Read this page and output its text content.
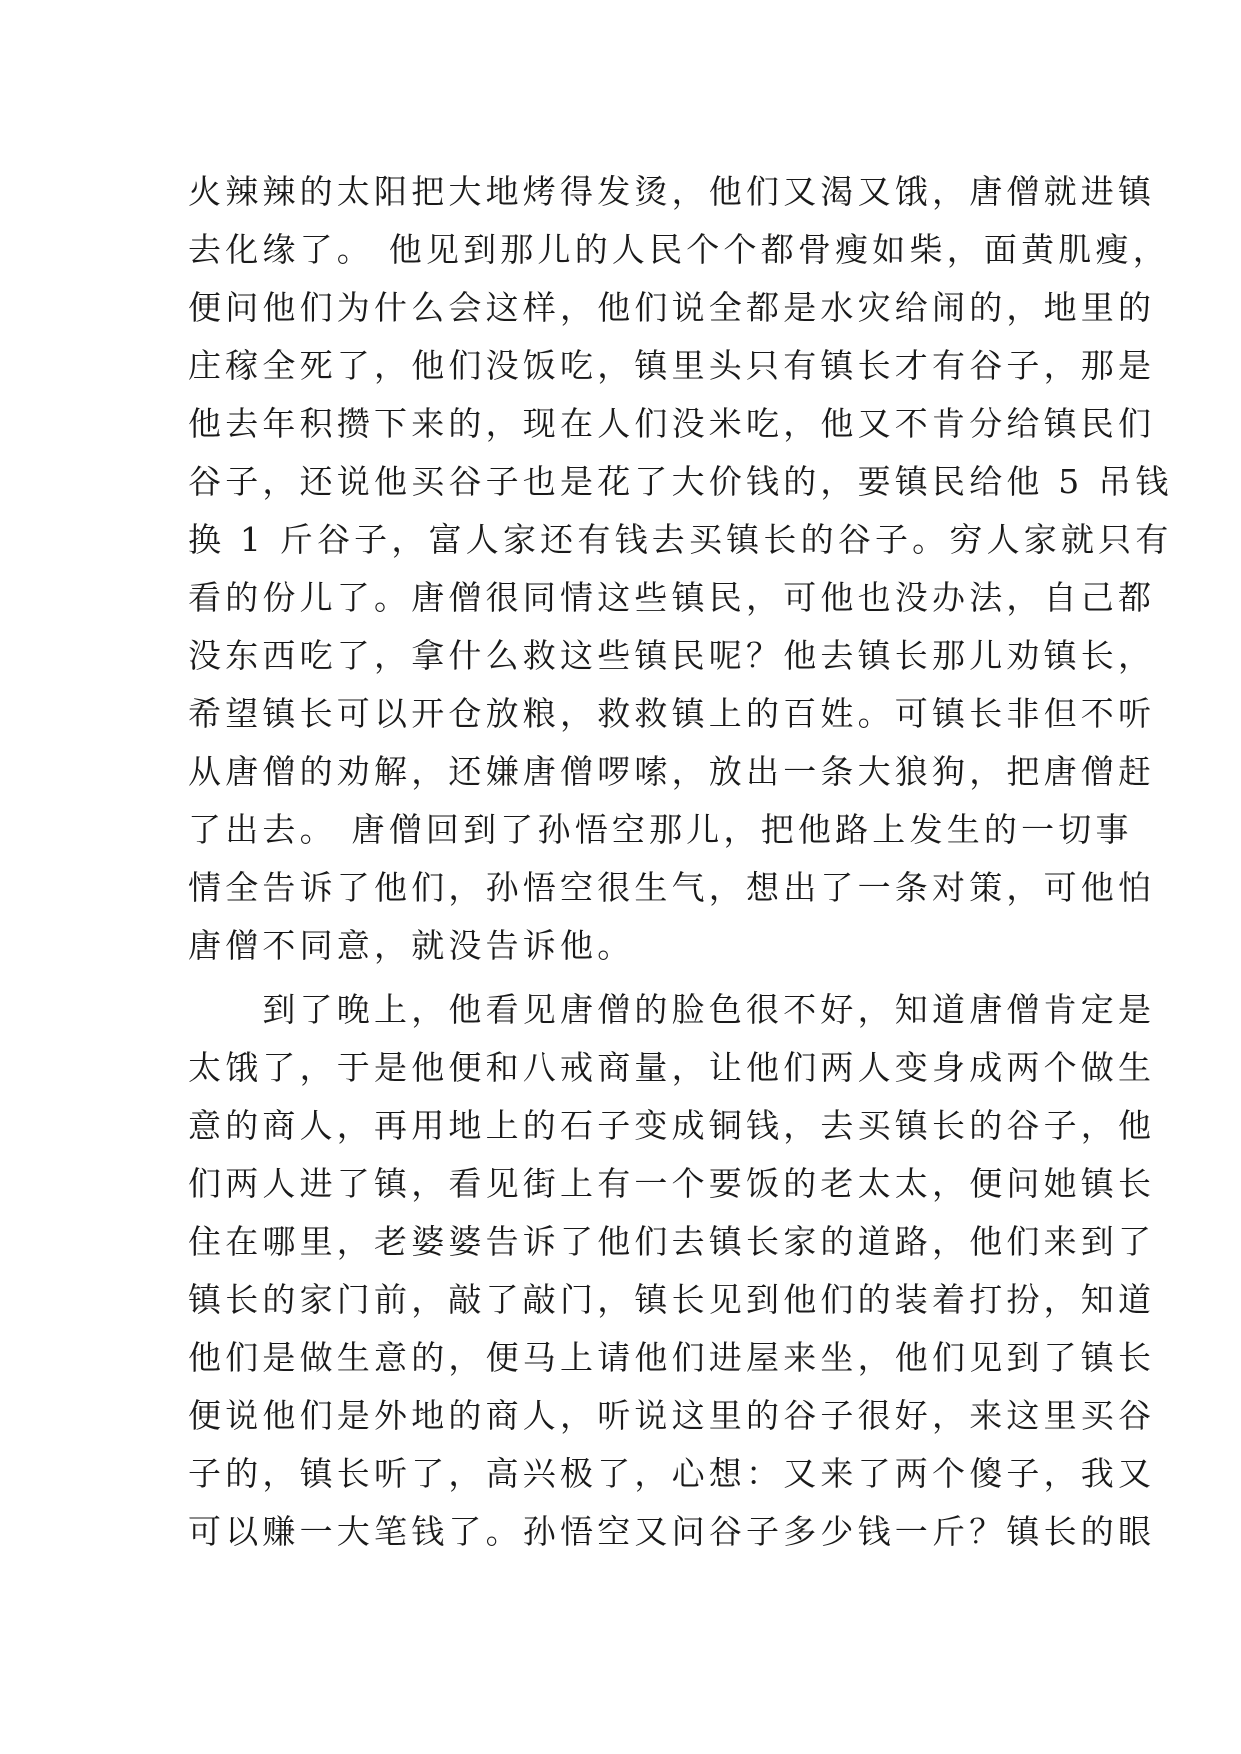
火辣辣的太阳把大地烤得发烫，他们又渴又饿，唐僧就进镇
去化缘了。 他见到那儿的人民个个都骨瘦如柴，面黄肌瘦，
便问他们为什么会这样，他们说全都是水灾给闹的，地里的
庄稼全死了，他们没饭吃，镇里头只有镇长才有谷子，那是
他去年积攒下来的，现在人们没米吃，他又不肯分给镇民们
谷子，还说他买谷子也是花了大价钱的，要镇民给他 5 吊钱
换 1 斤谷子，富人家还有钱去买镇长的谷子。穷人家就只有
看的份儿了。唐僧很同情这些镇民，可他也没办法，自己都
没东西吃了，拿什么救这些镇民呢？他去镇长那儿劝镇长，
希望镇长可以开仓放粮，救救镇上的百姓。可镇长非但不听
从唐僧的劝解，还嫌唐僧啰嗦，放出一条大狼狗，把唐僧赶
了出去。 唐僧回到了孙悟空那儿，把他路上发生的一切事
情全告诉了他们，孙悟空很生气，想出了一条对策，可他怕
唐僧不同意，就没告诉他。
　　到了晚上，他看见唐僧的脸色很不好，知道唐僧肯定是
太饿了，于是他便和八戒商量，让他们两人变身成两个做生
意的商人，再用地上的石子变成铜钱，去买镇长的谷子，他
们两人进了镇，看见街上有一个要饭的老太太，便问她镇长
住在哪里，老婆婆告诉了他们去镇长家的道路，他们来到了
镇长的家门前，敲了敲门，镇长见到他们的装着打扮，知道
他们是做生意的，便马上请他们进屋来坐，他们见到了镇长
便说他们是外地的商人，听说这里的谷子很好，来这里买谷
子的，镇长听了，高兴极了，心想：又来了两个傻子，我又
可以赚一大笔钱了。孙悟空又问谷子多少钱一斤？镇长的眼
